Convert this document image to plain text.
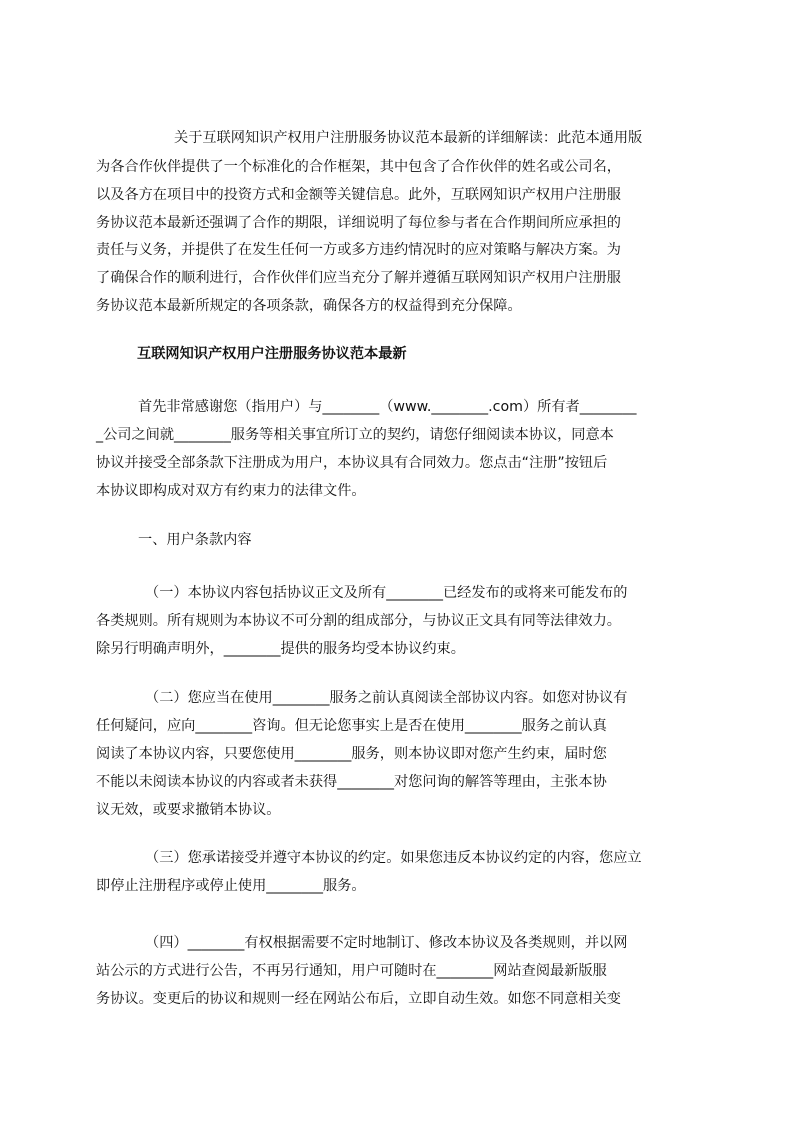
关于互联网知识产权用户注册服务协议范本最新的详细解读：此范本通用版
为各合作伙伴提供了一个标准化的合作框架，其中包含了合作伙伴的姓名或公司名，
以及各方在项目中的投资方式和金额等关键信息。此外，互联网知识产权用户注册服
务协议范本最新还强调了合作的期限，详细说明了每位参与者在合作期间所应承担的
责任与义务，并提供了在发生任何一方或多方违约情况时的应对策略与解决方案。为
了确保合作的顺利进行，合作伙伴们应当充分了解并遵循互联网知识产权用户注册服
务协议范本最新所规定的各项条款，确保各方的权益得到充分保障。
互联网知识产权用户注册服务协议范本最新
首先非常感谢您（指用户）与________（www.________.com）所有者________
_公司之间就________服务等相关事宜所订立的契约，请您仔细阅读本协议，同意本
协议并接受全部条款下注册成为用户，本协议具有合同效力。您点击“注册”按钮后
本协议即构成对双方有约束力的法律文件。
一、用户条款内容
（一）本协议内容包括协议正文及所有________已经发布的或将来可能发布的
各类规则。所有规则为本协议不可分割的组成部分，与协议正文具有同等法律效力。
除另行明确声明外，________提供的服务均受本协议约束。
（二）您应当在使用________服务之前认真阅读全部协议内容。如您对协议有
任何疑问，应向________咨询。但无论您事实上是否在使用________服务之前认真
阅读了本协议内容，只要您使用________服务，则本协议即对您产生约束，届时您
不能以未阅读本协议的内容或者未获得________对您问询的解答等理由，主张本协
议无效，或要求撤销本协议。
（三）您承诺接受并遵守本协议的约定。如果您违反本协议约定的内容，您应立
即停止注册程序或停止使用________服务。
（四）________有权根据需要不定时地制订、修改本协议及各类规则，并以网
站公示的方式进行公告，不再另行通知，用户可随时在________网站查阅最新版服
务协议。变更后的协议和规则一经在网站公布后，立即自动生效。如您不同意相关变
